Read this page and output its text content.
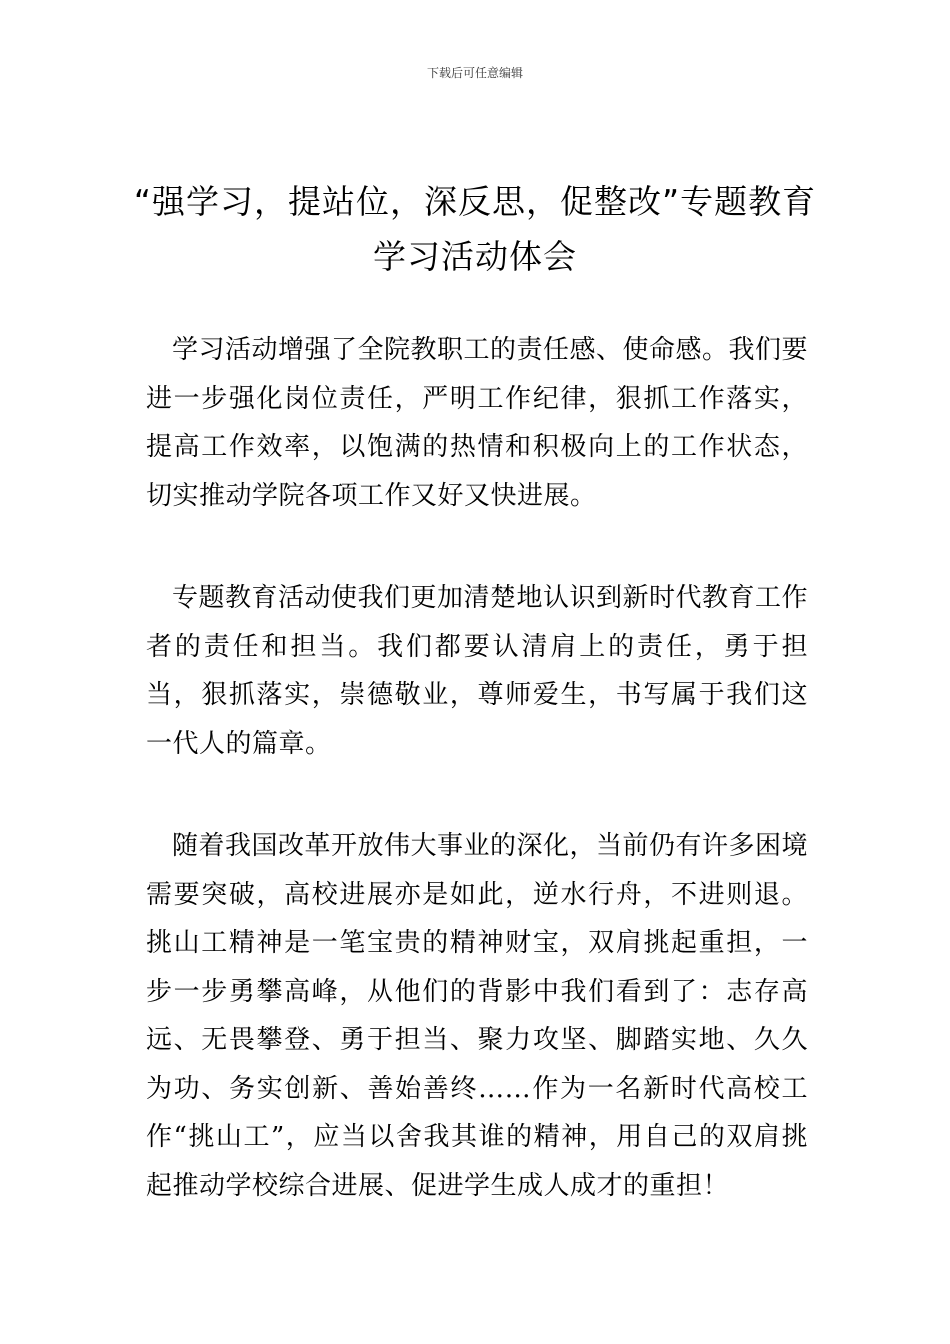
下载后可任意编辑
“强学习，提站位，深反思，促整改”专题教育学习活动体会

学习活动增强了全院教职工的责任感、使命感。我们要进一步强化岗位责任，严明工作纪律，狠抓工作落实，提高工作效率，以饱满的热情和积极向上的工作状态，切实推动学院各项工作又好又快进展。

专题教育活动使我们更加清楚地认识到新时代教育工作者的责任和担当。我们都要认清肩上的责任，勇于担当，狠抓落实，崇德敬业，尊师爱生，书写属于我们这一代人的篇章。

随着我国改革开放伟大事业的深化，当前仍有许多困境需要突破，高校进展亦是如此，逆水行舟，不进则退。挑山工精神是一笔宝贵的精神财宝，双肩挑起重担，一步一步勇攀高峰，从他们的背影中我们看到了：志存高远、无畏攀登、勇于担当、聚力攻坚、脚踏实地、久久为功、务实创新、善始善终……作为一名新时代高校工作“挑山工”，应当以舍我其谁的精神，用自己的双肩挑起推动学校综合进展、促进学生成人成才的重担！
